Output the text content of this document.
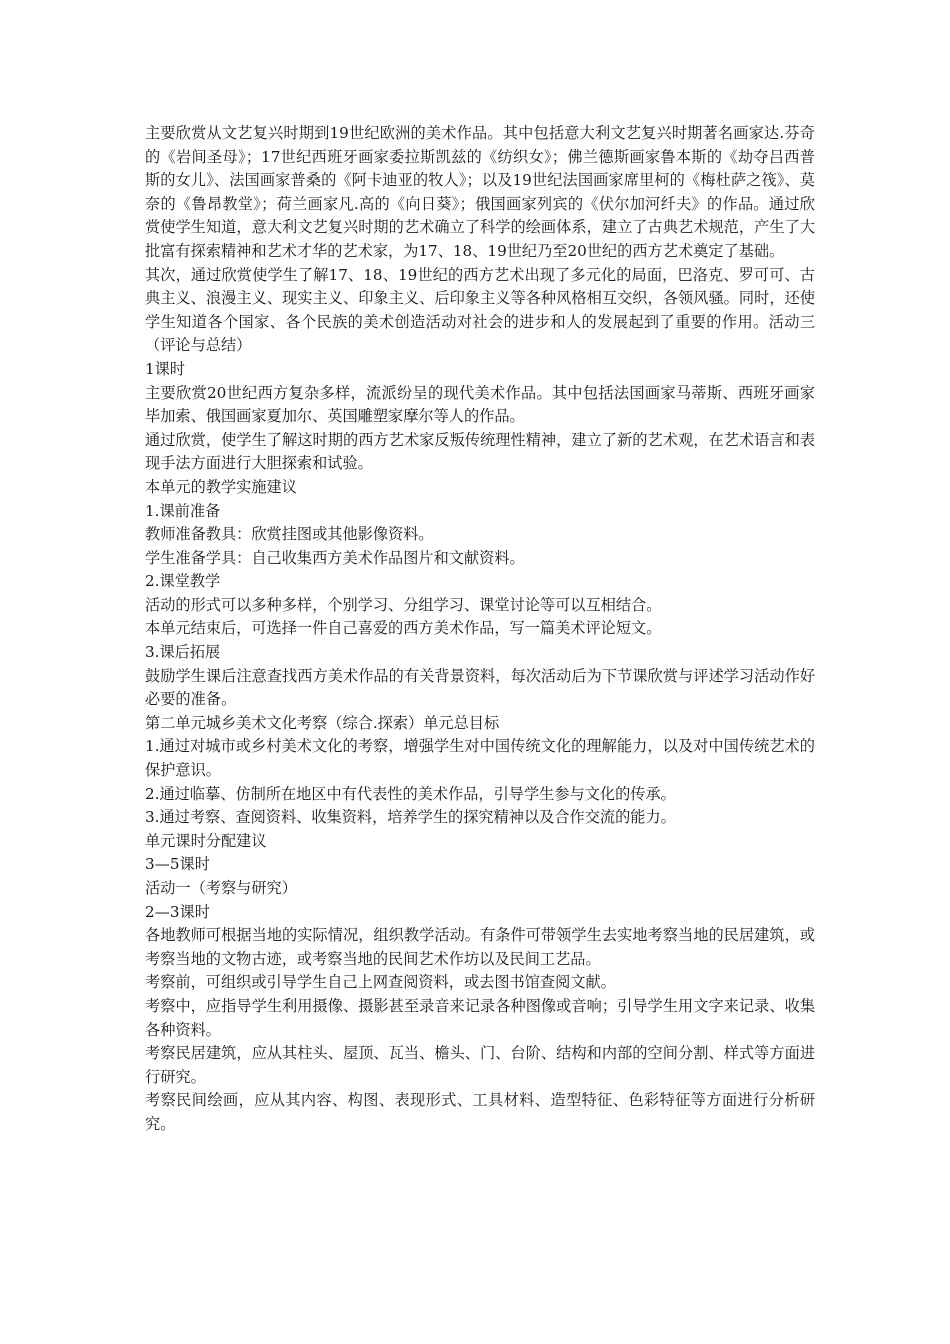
主要欣赏从文艺复兴时期到19世纪欧洲的美术作品。其中包括意大利文艺复兴时期著名画家达.芬奇的《岩间圣母》；17世纪西班牙画家委拉斯凯兹的《纺织女》；佛兰德斯画家鲁本斯的《劫夺吕西普斯的女儿》、法国画家普桑的《阿卡迪亚的牧人》；以及19世纪法国画家席里柯的《梅杜萨之筏》、莫奈的《鲁昂教堂》；荷兰画家凡.高的《向日葵》；俄国画家列宾的《伏尔加河纤夫》的作品。通过欣赏使学生知道，意大利文艺复兴时期的艺术确立了科学的绘画体系，建立了古典艺术规范，产生了大批富有探索精神和艺术才华的艺术家，为17、18、19世纪乃至20世纪的西方艺术奠定了基础。

其次，通过欣赏使学生了解17、18、19世纪的西方艺术出现了多元化的局面，巴洛克、罗可可、古典主义、浪漫主义、现实主义、印象主义、后印象主义等各种风格相互交织，各领风骚。同时，还使学生知道各个国家、各个民族的美术创造活动对社会的进步和人的发展起到了重要的作用。活动三（评论与总结）

1课时

主要欣赏20世纪西方复杂多样，流派纷呈的现代美术作品。其中包括法国画家马蒂斯、西班牙画家毕加索、俄国画家夏加尔、英国雕塑家摩尔等人的作品。

通过欣赏，使学生了解这时期的西方艺术家反叛传统理性精神，建立了新的艺术观，在艺术语言和表现手法方面进行大胆探索和试验。

本单元的教学实施建议

1.课前准备

教师准备教具：欣赏挂图或其他影像资料。

学生准备学具：自己收集西方美术作品图片和文献资料。

2.课堂教学

活动的形式可以多种多样，个别学习、分组学习、课堂讨论等可以互相结合。

本单元结束后，可选择一件自己喜爱的西方美术作品，写一篇美术评论短文。

3.课后拓展

鼓励学生课后注意查找西方美术作品的有关背景资料，每次活动后为下节课欣赏与评述学习活动作好必要的准备。

第二单元城乡美术文化考察（综合.探索）单元总目标

1.通过对城市或乡村美术文化的考察，增强学生对中国传统文化的理解能力，以及对中国传统艺术的保护意识。

2.通过临摹、仿制所在地区中有代表性的美术作品，引导学生参与文化的传承。

3.通过考察、查阅资料、收集资料，培养学生的探究精神以及合作交流的能力。

单元课时分配建议

3—5课时

活动一（考察与研究）

2—3课时

各地教师可根据当地的实际情况，组织教学活动。有条件可带领学生去实地考察当地的民居建筑，或考察当地的文物古迹，或考察当地的民间艺术作坊以及民间工艺品。

考察前，可组织或引导学生自己上网查阅资料，或去图书馆查阅文献。

考察中，应指导学生利用摄像、摄影甚至录音来记录各种图像或音响；引导学生用文字来记录、收集各种资料。

考察民居建筑，应从其柱头、屋顶、瓦当、檐头、门、台阶、结构和内部的空间分割、样式等方面进行研究。

考察民间绘画，应从其内容、构图、表现形式、工具材料、造型特征、色彩特征等方面进行分析研究。
